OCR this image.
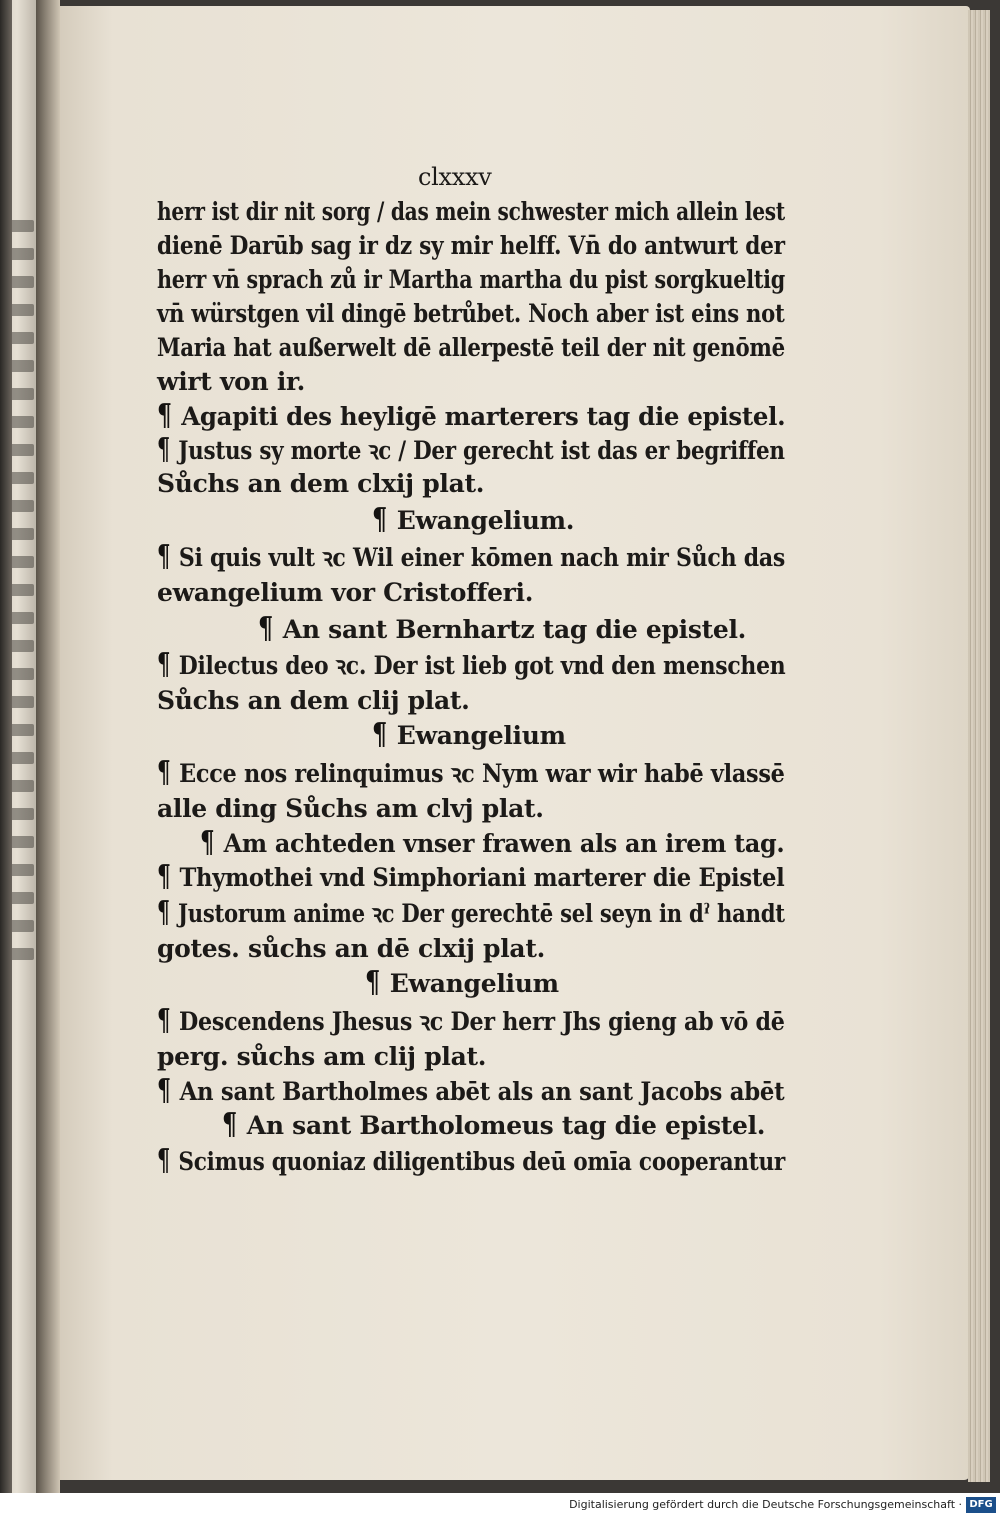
clxxxv
herr ist dir nit sorg / das mein schwester mich allein lest
dienē Darūb sag ir dz sy mir helff. Vn̄ do antwurt der
herr vn̄ sprach zů ir Martha martha du pist sorgkueltig
vn̄ würstgen vil dingē betrůbet. Noch aber ist eins not
Maria hat außerwelt dē allerpestē teil der nit genōmē
wirt von ir.
¶ Agapiti des heyligē marterers tag die epistel.
¶ Justus sy morte ꝛc / Der gerecht ist das er begriffen
Sůchs an dem clxij plat.
¶ Ewangelium.
¶ Si quis vult ꝛc Wil einer kōmen nach mir Sůch das
ewangelium vor Cristofferi.
¶ An sant Bernhartz tag die epistel.
¶ Dilectus deo ꝛc. Der ist lieb got vnd den menschen
Sůchs an dem clij plat.
¶ Ewangelium
¶ Ecce nos relinquimus ꝛc Nym war wir habē vlassē
alle ding Sůchs am clvj plat.
¶ Am achteden vnser frawen als an irem tag.
¶ Thymothei vnd Simphoriani marterer die Epistel
¶ Justorum anime ꝛc Der gerechtē sel seyn in dˀ handt
gotes. sůchs an dē clxij plat.
¶ Ewangelium
¶ Descendens Jhesus ꝛc Der herr Jhs gieng ab vō dē
perg. sůchs am clij plat.
¶ An sant Bartholmes abēt als an sant Jacobs abēt
¶ An sant Bartholomeus tag die epistel.
¶ Scimus quoniaz diligentibus deū omīa cooperantur
Digitalisierung gefördert durch die Deutsche Forschungsgemeinschaft · DFG
